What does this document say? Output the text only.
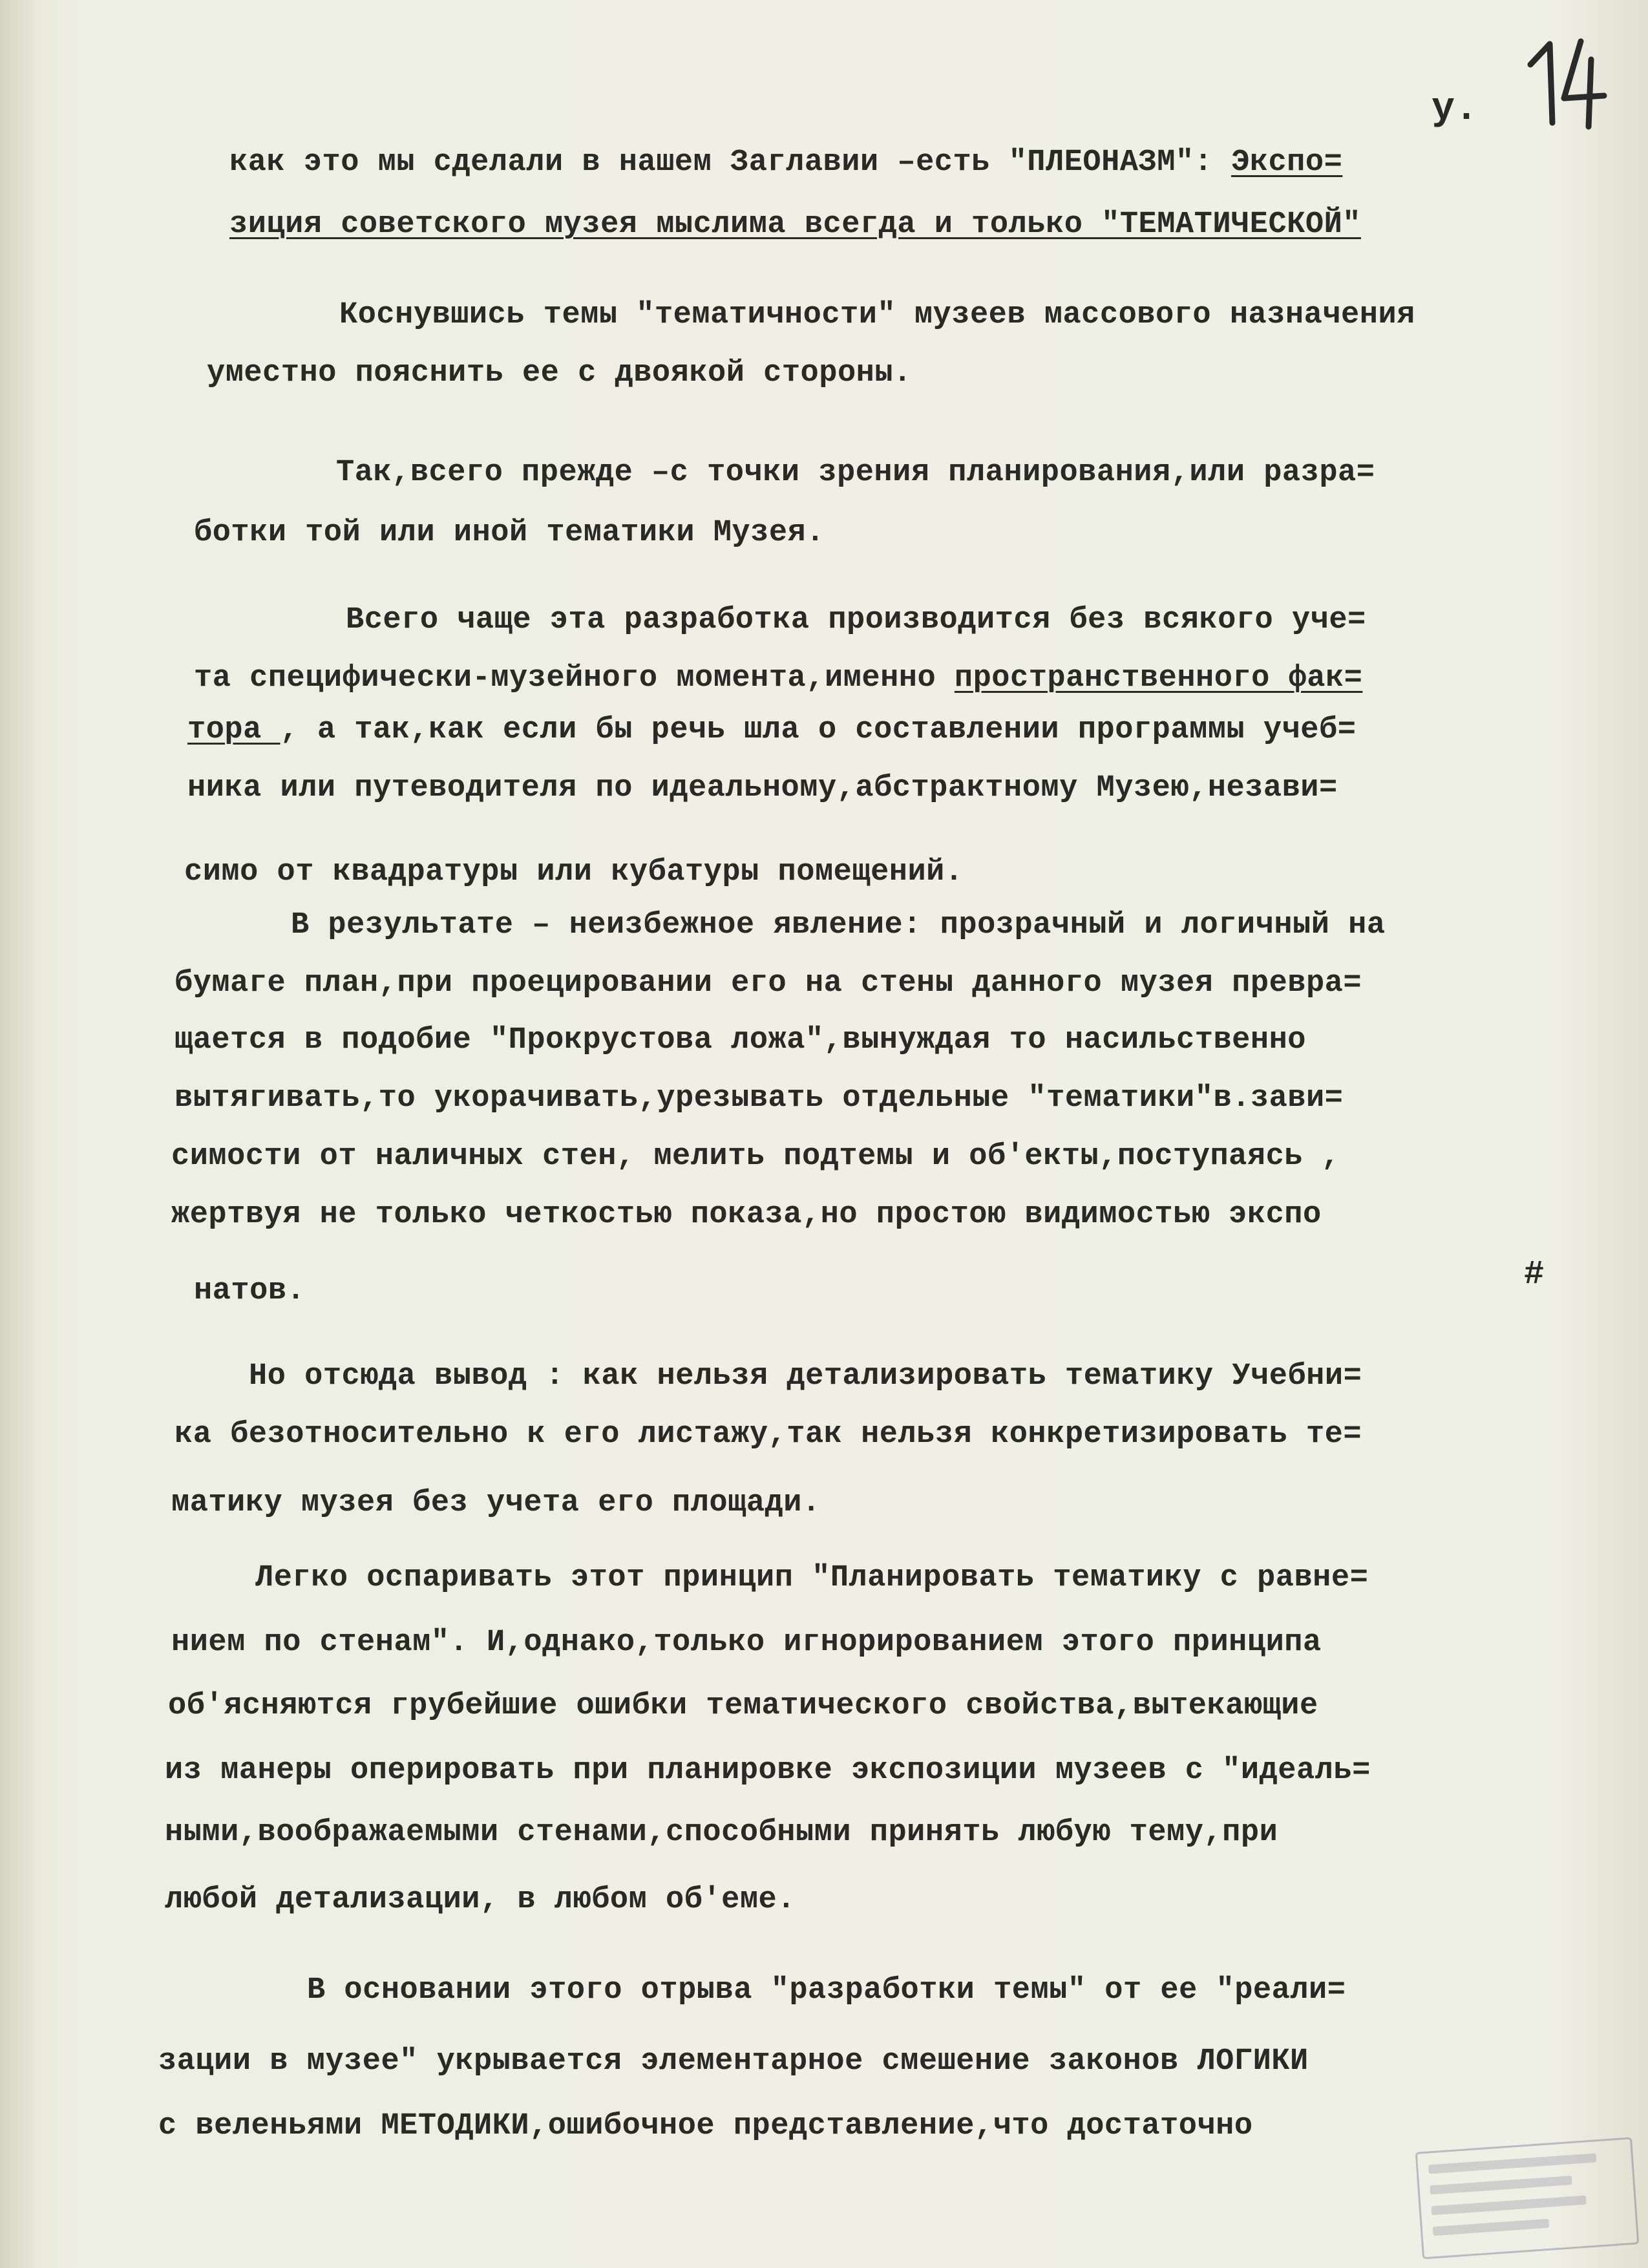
у.
как это мы сделали в нашем Заглавии –есть "ПЛЕОНАЗМ": Экспо=
зиция советского музея мыслима всегда и только "ТЕМАТИЧЕСКОЙ"
Коснувшись темы "тематичности" музеев массового назначения
уместно пояснить ее с двоякой стороны.
Так,всего прежде –с точки зрения планирования,или разра=
ботки той или иной тематики Музея.
Всего чаще эта разработка производится без всякого уче=
та специфически-музейного момента,именно пространственного фак=
тора , а так,как если бы речь шла о составлении программы учеб=
ника или путеводителя по идеальному,абстрактному Музею,незави=
симо от квадратуры или кубатуры помещений.
В результате – неизбежное явление: прозрачный и логичный на
бумаге план,при проецировании его на стены данного музея превра=
щается в подобие "Прокрустова ложа",вынуждая то насильственно
вытягивать,то укорачивать,урезывать отдельные "тематики"в.зави=
симости от наличных стен, мелить подтемы и об'екты,поступаясь ,
жертвуя не только четкостью показа,но простою видимостью экспо
натов.	#
Но отсюда вывод : как нельзя детализировать тематику Учебни=
ка безотносительно к его листажу,так нельзя конкретизировать те=
матику музея без учета его площади.
Легко оспаривать этот принцип "Планировать тематику с равне=
нием по стенам". И,однако,только игнорированием этого принципа
об'ясняются грубейшие ошибки тематического свойства,вытекающие
из манеры оперировать при планировке экспозиции музеев с "идеаль=
ными,воображаемыми стенами,способными принять любую тему,при
любой детализации, в любом об'еме.
В основании этого отрыва "разработки темы" от ее "реали=
зации в музее" укрывается элементарное смешение законов ЛОГИКИ
с веленьями МЕТОДИКИ,ошибочное представление,что достаточно
